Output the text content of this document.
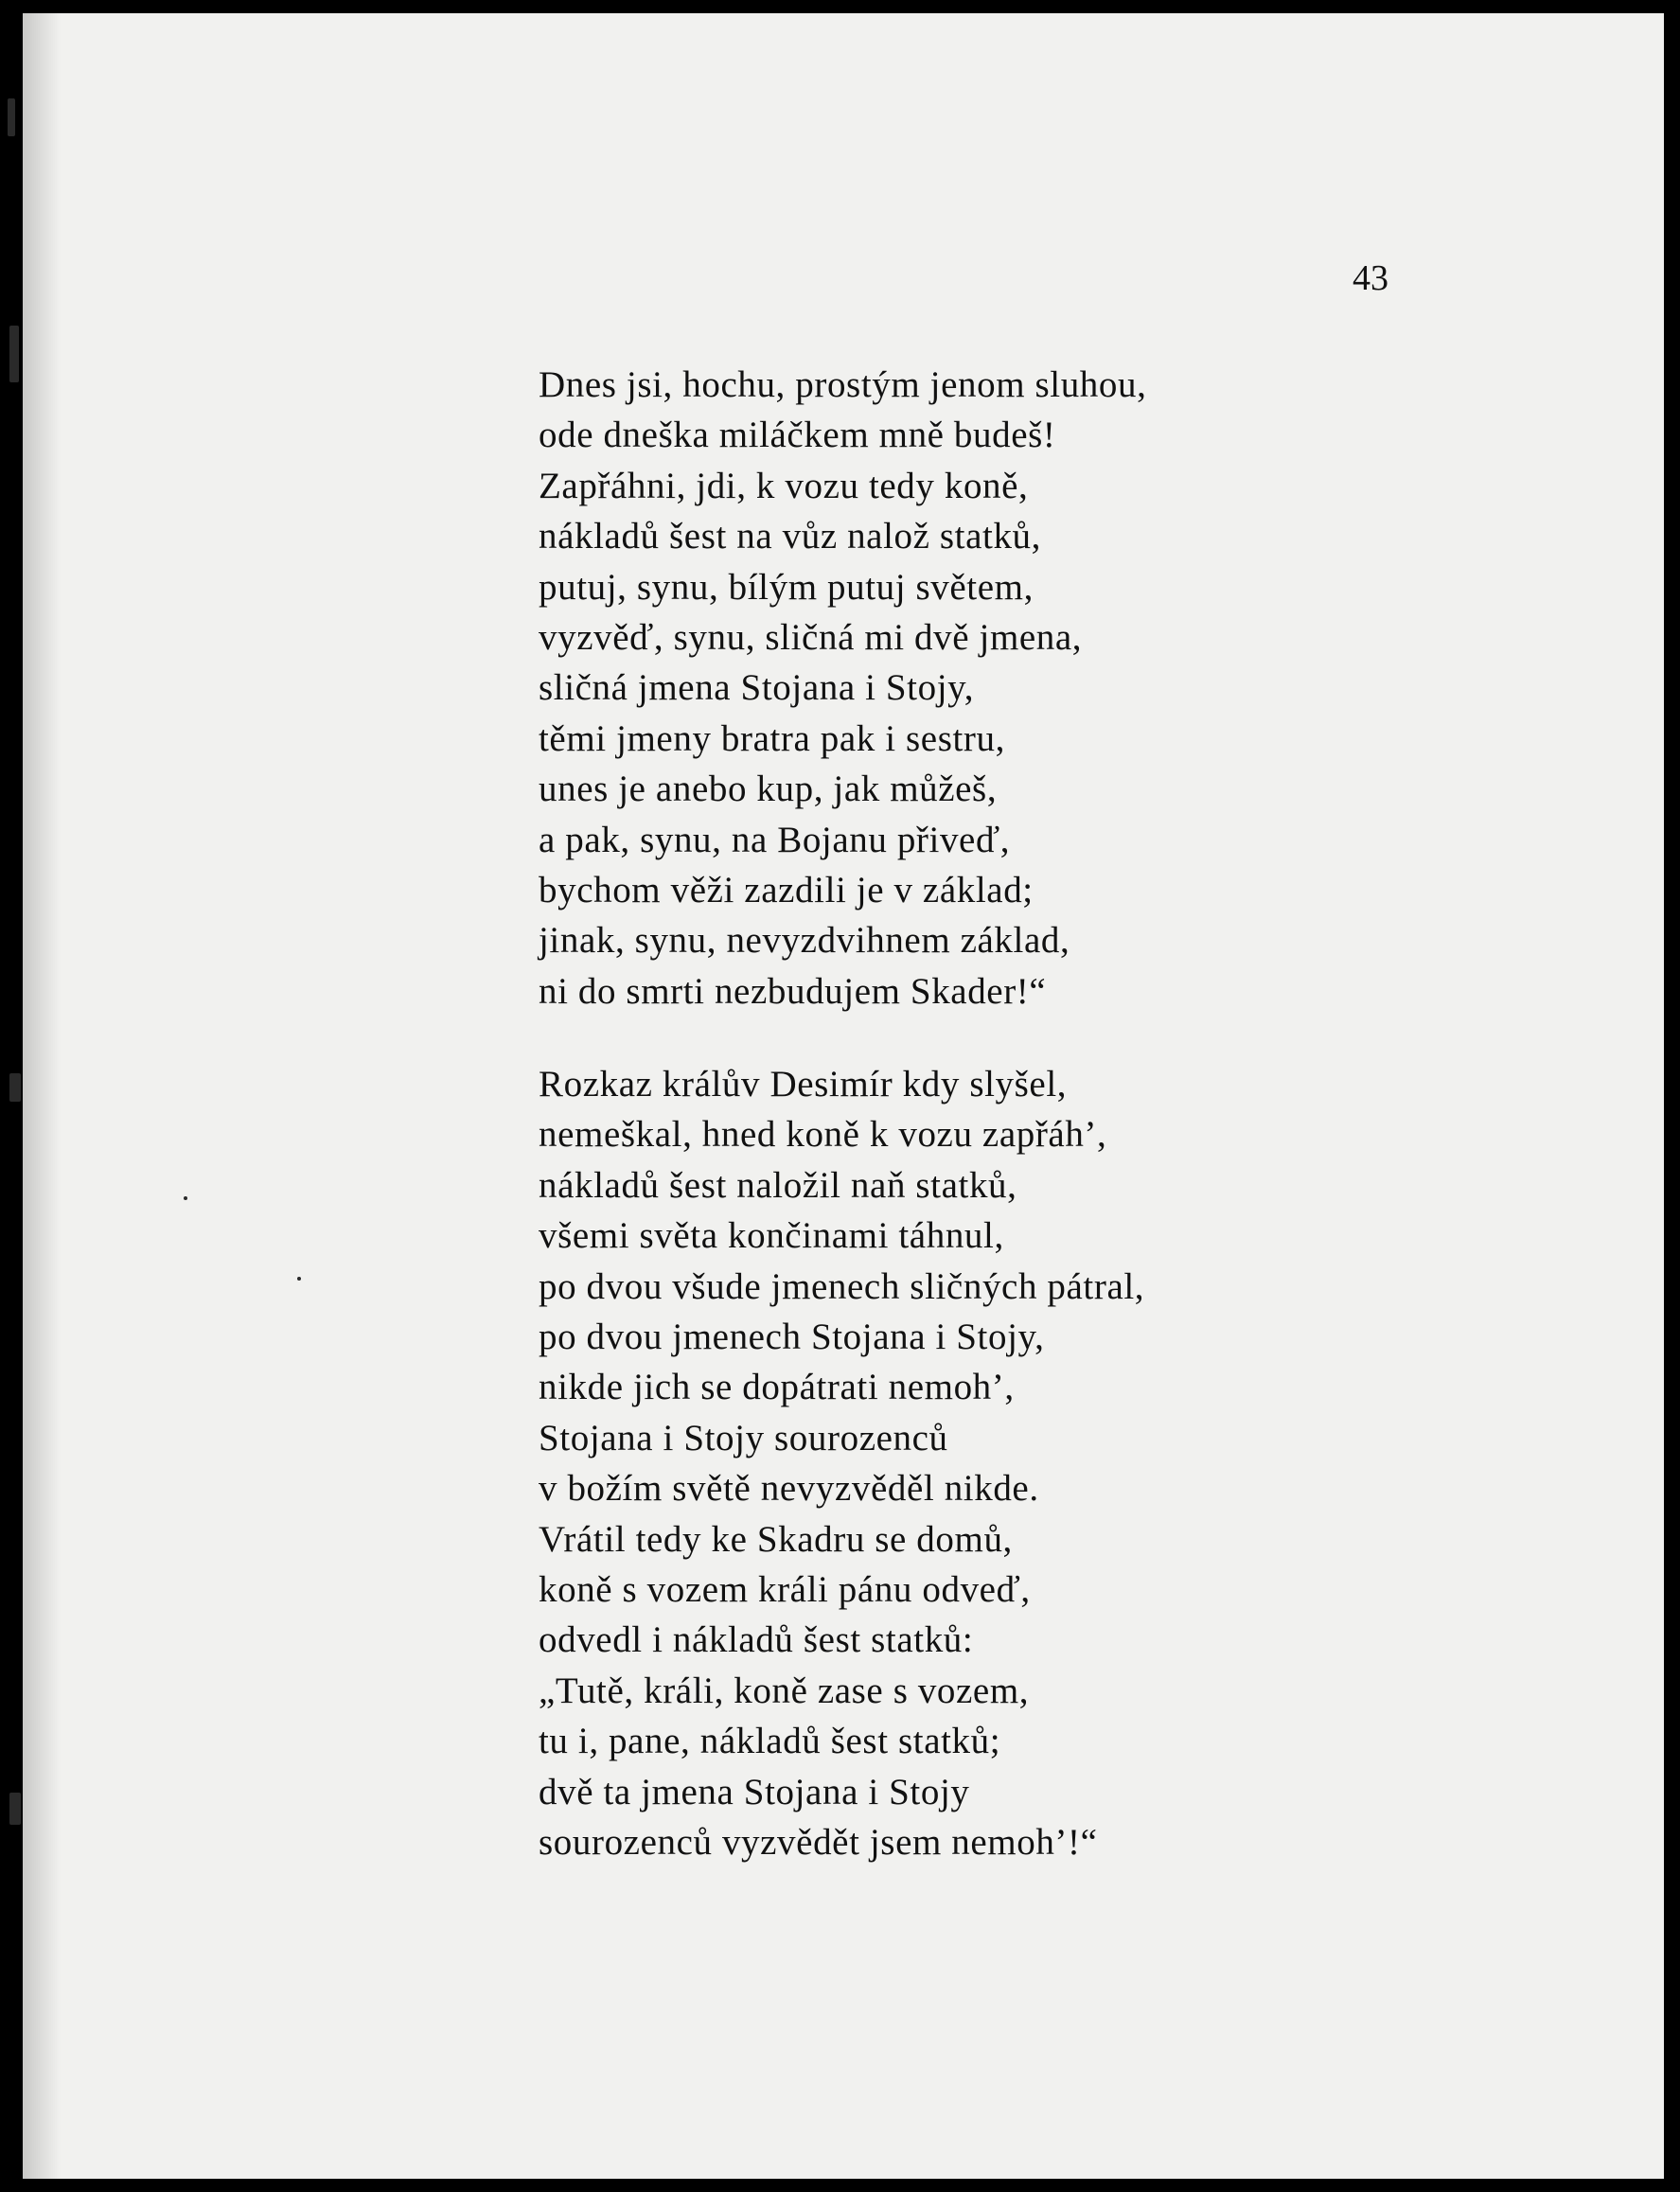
43
Dnes jsi, hochu, prostým jenom sluhou,
ode dneška miláčkem mně budeš!
Zapřáhni, jdi, k vozu tedy koně,
nákladů šest na vůz nalož statků,
putuj, synu, bílým putuj světem,
vyzvěď, synu, sličná mi dvě jmena,
sličná jmena Stojana i Stojy,
těmi jmeny bratra pak i sestru,
unes je anebo kup, jak můžeš,
a pak, synu, na Bojanu přiveď,
bychom věži zazdili je v základ;
jinak, synu, nevyzdvihnem základ,
ni do smrti nezbudujem Skader!“
Rozkaz králův Desimír kdy slyšel,
nemeškal, hned koně k vozu zapřáh’,
nákladů šest naložil naň statků,
všemi světa končinami táhnul,
po dvou všude jmenech sličných pátral,
po dvou jmenech Stojana i Stojy,
nikde jich se dopátrati nemoh’,
Stojana i Stojy sourozenců
v božím světě nevyzvěděl nikde.
Vrátil tedy ke Skadru se domů,
koně s vozem králi pánu odveď,
odvedl i nákladů šest statků:
„Tutě, králi, koně zase s vozem,
tu i, pane, nákladů šest statků;
dvě ta jmena Stojana i Stojy
sourozenců vyzvědět jsem nemoh’!“
